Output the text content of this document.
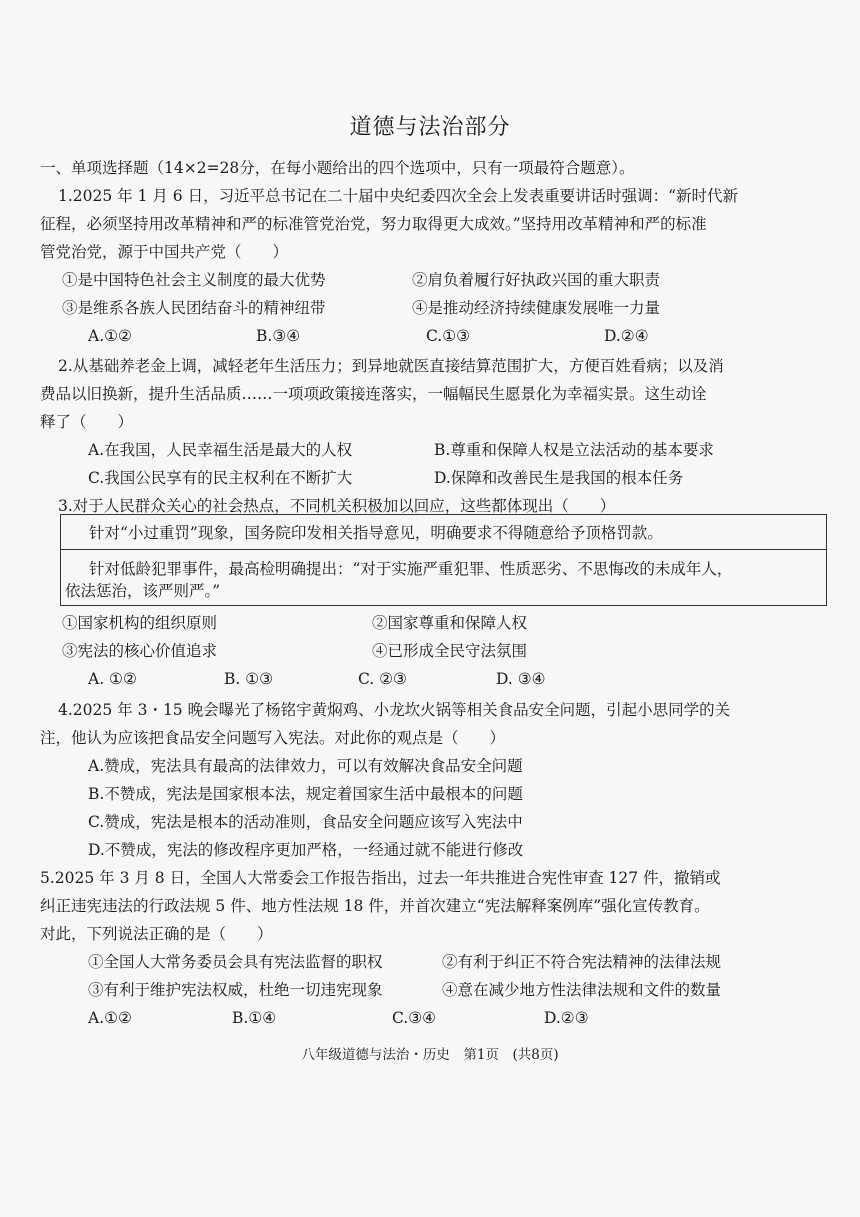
道德与法治部分
一、单项选择题（14×2=28分，在每小题给出的四个选项中，只有一项最符合题意）。
1.2025 年 1 月 6 日，习近平总书记在二十届中央纪委四次全会上发表重要讲话时强调：“新时代新
征程，必须坚持用改革精神和严的标准管党治党，努力取得更大成效。”坚持用改革精神和严的标准
管党治党，源于中国共产党（　　）
①是中国特色社会主义制度的最大优势	②肩负着履行好执政兴国的重大职责
③是维系各族人民团结奋斗的精神纽带	④是推动经济持续健康发展唯一力量
A.①②	B.③④	C.①③	D.②④
2.从基础养老金上调，减轻老年生活压力；到异地就医直接结算范围扩大，方便百姓看病；以及消
费品以旧换新，提升生活品质……一项项政策接连落实，一幅幅民生愿景化为幸福实景。这生动诠
释了（　　）
A.在我国，人民幸福生活是最大的人权	B.尊重和保障人权是立法活动的基本要求
C.我国公民享有的民主权利在不断扩大	D.保障和改善民生是我国的根本任务
3.对于人民群众关心的社会热点，不同机关积极加以回应，这些都体现出（　　）
针对“小过重罚”现象，国务院印发相关指导意见，明确要求不得随意给予顶格罚款。
针对低龄犯罪事件，最高检明确提出：“对于实施严重犯罪、性质恶劣、不思悔改的未成年人，
依法惩治，该严则严。”
①国家机构的组织原则	②国家尊重和保障人权
③宪法的核心价值追求	④已形成全民守法氛围
A. ①②	B. ①③	C. ②③	D. ③④
4.2025 年 3・15 晚会曝光了杨铭宇黄焖鸡、小龙坎火锅等相关食品安全问题，引起小思同学的关
注，他认为应该把食品安全问题写入宪法。对此你的观点是（　　）
A.赞成，宪法具有最高的法律效力，可以有效解决食品安全问题
B.不赞成，宪法是国家根本法，规定着国家生活中最根本的问题
C.赞成，宪法是根本的活动准则，食品安全问题应该写入宪法中
D.不赞成，宪法的修改程序更加严格，一经通过就不能进行修改
5.2025 年 3 月 8 日，全国人大常委会工作报告指出，过去一年共推进合宪性审查 127 件，撤销或
纠正违宪违法的行政法规 5 件、地方性法规 18 件，并首次建立“宪法解释案例库”强化宣传教育。
对此，下列说法正确的是（　　）
①全国人大常务委员会具有宪法监督的职权	②有利于纠正不符合宪法精神的法律法规
③有利于维护宪法权威，杜绝一切违宪现象	④意在减少地方性法律法规和文件的数量
A.①②	B.①④	C.③④	D.②③
八年级道德与法治・历史　第1页　(共8页)
